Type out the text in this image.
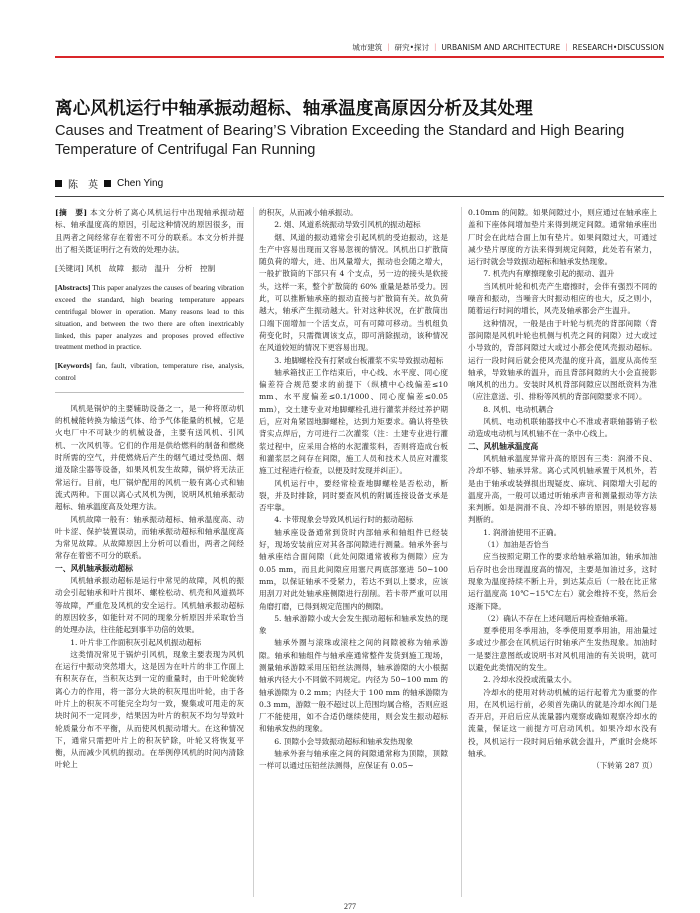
城市建筑 ｜ 研究•探讨 ｜ URBANISM AND ARCHITECTURE ｜ RESEARCH•DISCUSSION
离心风机运行中轴承振动超标、轴承温度高原因分析及其处理
Causes and Treatment of Bearing’S Vibration Exceeding the Standard and High Bearing Temperature of Centrifugal Fan Running
陈　英 Chen Ying

[摘　要] 本文分析了离心风机运行中出现轴承振动超标、轴承温度高的原因，引起这种情况的原因很多，而且两者之间经常存在着密不可分的联系。本文分析并提出了相关既证明行之有效的处理办法。

[关键词] 风机　故障　振动　温升　分析　控制

[Abstracts] This paper analyzes the causes of bearing vibration exceed the standard, high bearing temperature appears centrifugal blower in operation. Many reasons lead to this situation, and between the two there are often inextricably linked, this paper analyzes and proposes proved effective treatment method in practice.

[Keywords] fan, fault, vibration, temperature rise, analysis, control

风机是锅炉的主要辅助设备之一，是一种将原动机的机械能转换为输送气体、给予气体能量的机械，它是火电厂中不可缺少的机械设备，主要有送风机、引风机、一次风机等。它们的作用是供给燃料的制备和燃烧时所需的空气，并使燃烧后产生的烟气通过受热面、烟道及除尘器等设备，如果风机发生故障，锅炉将无法正常运行。目前，电厂锅炉配用的风机一般有离心式和轴流式两种。下面以离心式风机为例，说明风机轴承振动超标、轴承温度高及处理方法。

风机故障一般有：轴承振动超标、轴承温度高、动叶卡涩、保护装置误动，而轴承振动超标和轴承温度高为常见故障。从故障原因上分析可以看出，两者之间经常存在着密不可分的联系。

一、风机轴承振动超标

风机轴承振动超标是运行中常见的故障，风机的振动会引起轴承和叶片损坏、螺栓松动、机壳和风道损坏等故障，严重危及风机的安全运行。风机轴承振动超标的原因较多，如能针对不同的现象分析原因并采取恰当的处理办法，往往能起到事半功倍的效果。

1. 叶片非工作面积灰引起风机振动超标

这类情况常见于锅炉引风机，现象主要表现为风机在运行中振动突然增大，这是因为在叶片的非工作面上有积灰存在，当积灰达到一定的重量时，由于叶轮旋转离心力的作用，将一部分大块的积灰甩出叶轮，由于各叶片上的积灰不可能完全均匀一致，聚集或可甩走的灰块时间不一定同步，结果因为叶片的积灰不均匀导致叶轮质量分布不平衡，从而使风机振动增大。在这种情况下，通常只需把叶片上的积灰铲除，叶轮又将恢复平衡，从而减少风机的振动。在举例停风机的时间内清除叶轮上

的积灰，从而减小轴承振动。

2. 烟、风道系统振动导致引风机的振动超标

烟、风道的振动通常会引起风机的受迫振动，这是生产中容易出现而又容易忽视的情况。风机出口扩散筒随负荷的增大，进、出风量增大，振动也会随之增大，一般扩散筒的下部只有 4 个支点，另一边的接头是软接头，这样一来，整个扩散筒的 60% 重量是悬吊受力。因此，可以推断轴承座的振动直接与扩散筒有关。故负荷越大，轴承产生振动越大。针对这种状况，在扩散筒出口端下面增加一个活支点，可有可障可移动。当机组负荷变化时，只需微调该支点，即可消除振动，该种情况在风道较短的情况下更容易出现。

3. 地脚螺栓没有打紧或台板灌浆不实导致振动超标

轴承箱找正工作结束后，中心线、水平度、同心度偏差符合规范要求的前提下（纵横中心线偏差≤10 mm、水平度偏差≤0.1/1000、同心度偏差≤0.05 mm），交土建专业对地脚螺栓孔进行灌浆并经过养护期后，应对角紧固地脚螺栓，达到力矩要求。确认将垫铁背实点焊后，方可进行二次灌浆（注：土建专业进行灌浆过程中，应采用合格的水泥灌浆料，否则将造成台板和灌浆层之间存在间隙，施工人员和技术人员应对灌浆施工过程进行检查，以便及时发现并纠正）。

风机运行中，要经常检查地脚螺栓是否松动，断裂，并及时排除，同时要查风机的附属连接设备支承是否牢靠。

4. 卡带现象会导致风机运行时的振动超标

轴承座设备通常到货时内部轴承和轴组件已经装好，现场安装前应对其各部间隙进行测量。轴承外套与轴承座结合面间隙（此处间隙通常被称为侧隙）应为 0.05 mm，而且此间隙应用塞尺两底部塞进 50~100 mm，以保证轴承不受紧力，若达不到以上要求，应该用刮刀对此处轴承座侧隙进行刮削。若卡带严重可以用角磨打磨，已得到规定范围内的侧隙。

5. 轴承游隙小或大会发生振动超标和轴承发热的现象

轴承外圈与滚珠或滚柱之间的间隙被称为轴承游隙。轴承和轴组件与轴承座通常整件发货到施工现场，测量轴承游隙采用压铅丝法测得，轴承游隙的大小根据轴承内径大小不同做不同规定。内径为 50~100 mm 的轴承游隙为 0.2 mm；内径大于 100 mm 的轴承游隙为 0.3 mm，游隙一般不超过以上范围均属合格，否则应返厂不能使用，如不合适仍继续使用，则会发生振动超标和轴承发热的现象。

6. 顶隙小会导致振动超标和轴承发热现象

轴承外套与轴承座之间的间隙通常称为顶隙，顶隙一样可以通过压铅丝法测得，应保证有 0.05~

0.10mm 的间隙。如果间隙过小，则应通过在轴承座上盖和下座体间增加垫片来得到规定间隙。通常轴承座出厂时会在此结合面上加有垫片。如果间隙过大，可通过减少垫片厚度的方法来得到规定间隙，此处若有紧力，运行时就会导致振动超标和轴承发热现象。

7. 机壳内有摩擦现象引起的振动、温升

当风机叶轮和机壳产生磨擦时，会伴有强烈不同的噪音和振动，当噪音大时振动相应的也大，反之则小，随着运行时间的增长，风壳及轴承都会产生温升。

这种情况，一般是由于叶轮与机壳的背部间隙（背部间隙是风机叶轮也机侧与机壳之间的间隙）过大或过小导致的，背部间隙过大或过小都会使风壳振动超标。运行一段时间后就会使风壳温的度升高，温度从高传至轴承，导致轴承的温升，而且背部间隙的大小会直接影响风机的出力。安装时风机背部间隙应以图纸资料为准（应注意送、引、排粉等风机的背部间隙要求不同）。

8. 风机、电动机耦合

风机、电动机联轴器找中心不准或者联轴器销子松动造成电动机与风机轴不在一条中心线上。

二、风机轴承温度高

风机轴承温度异常升高的原因有三类：润滑不良、冷却不够、轴承异常。离心式风机轴承置于风机外，若是由于轴承或装弹损出现疑皮、麻坑、间隙增大引起的温度升高，一般可以通过听轴承声音和测量振动等方法来判断。如是润滑不良、冷却不够的原因，则是较容易判断的。

1. 润滑油使用不正确。

（1）加油是否恰当

应当按照定期工作的要求给轴承箱加油，轴承加油后存时也会出现温度高的情况，主要是加油过多，这时现象为温度持续不断上升，到达某点后（一般在比正常运行温度高 10℃~15℃左右）就会维持不变，然后会逐渐下降。

（2）确认不存在上述问题后再检查轴承箱。

夏季使用冬季用油，冬季使用夏季用油，用油量过多或过少都会在风机运行时轴承产生发热现象。加油时一是要注意图纸或说明书对风机用油的有关说明，就可以避免此类情况的发生。

2. 冷却水没投或流量太小。

冷却水的使用对转动机械的运行起着尤为重要的作用，在风机运行前，必须首先确认的就是冷却水阀门是否开启，开启后应从流量器内观察或确如观察冷却水的流量，保证这一前提方可启动风机。如果冷却水没有投，风机运行一段时间后轴承就会温升，严重时会烧坏轴承。

（下转第 287 页）

277
